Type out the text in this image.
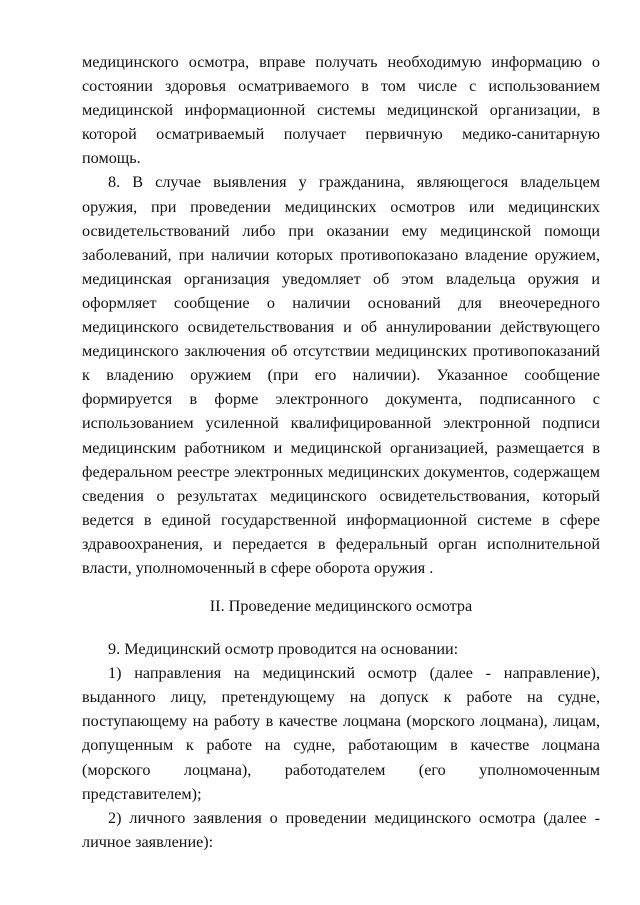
медицинского осмотра, вправе получать необходимую информацию о состоянии здоровья осматриваемого в том числе с использованием медицинской информационной системы медицинской организации, в которой осматриваемый получает первичную медико-санитарную помощь.

8. В случае выявления у гражданина, являющегося владельцем оружия, при проведении медицинских осмотров или медицинских освидетельствований либо при оказании ему медицинской помощи заболеваний, при наличии которых противопоказано владение оружием, медицинская организация уведомляет об этом владельца оружия и оформляет сообщение о наличии оснований для внеочередного медицинского освидетельствования и об аннулировании действующего медицинского заключения об отсутствии медицинских противопоказаний к владению оружием (при его наличии). Указанное сообщение формируется в форме электронного документа, подписанного с использованием усиленной квалифицированной электронной подписи медицинским работником и медицинской организацией, размещается в федеральном реестре электронных медицинских документов, содержащем сведения о результатах медицинского освидетельствования, который ведется в единой государственной информационной системе в сфере здравоохранения, и передается в федеральный орган исполнительной власти, уполномоченный в сфере оборота оружия .

II. Проведение медицинского осмотра

9. Медицинский осмотр проводится на основании:

1) направления на медицинский осмотр (далее - направление), выданного лицу, претендующему на допуск к работе на судне, поступающему на работу в качестве лоцмана (морского лоцмана), лицам, допущенным к работе на судне, работающим в качестве лоцмана (морского лоцмана), работодателем (его уполномоченным представителем);

2) личного заявления о проведении медицинского осмотра (далее - личное заявление):
